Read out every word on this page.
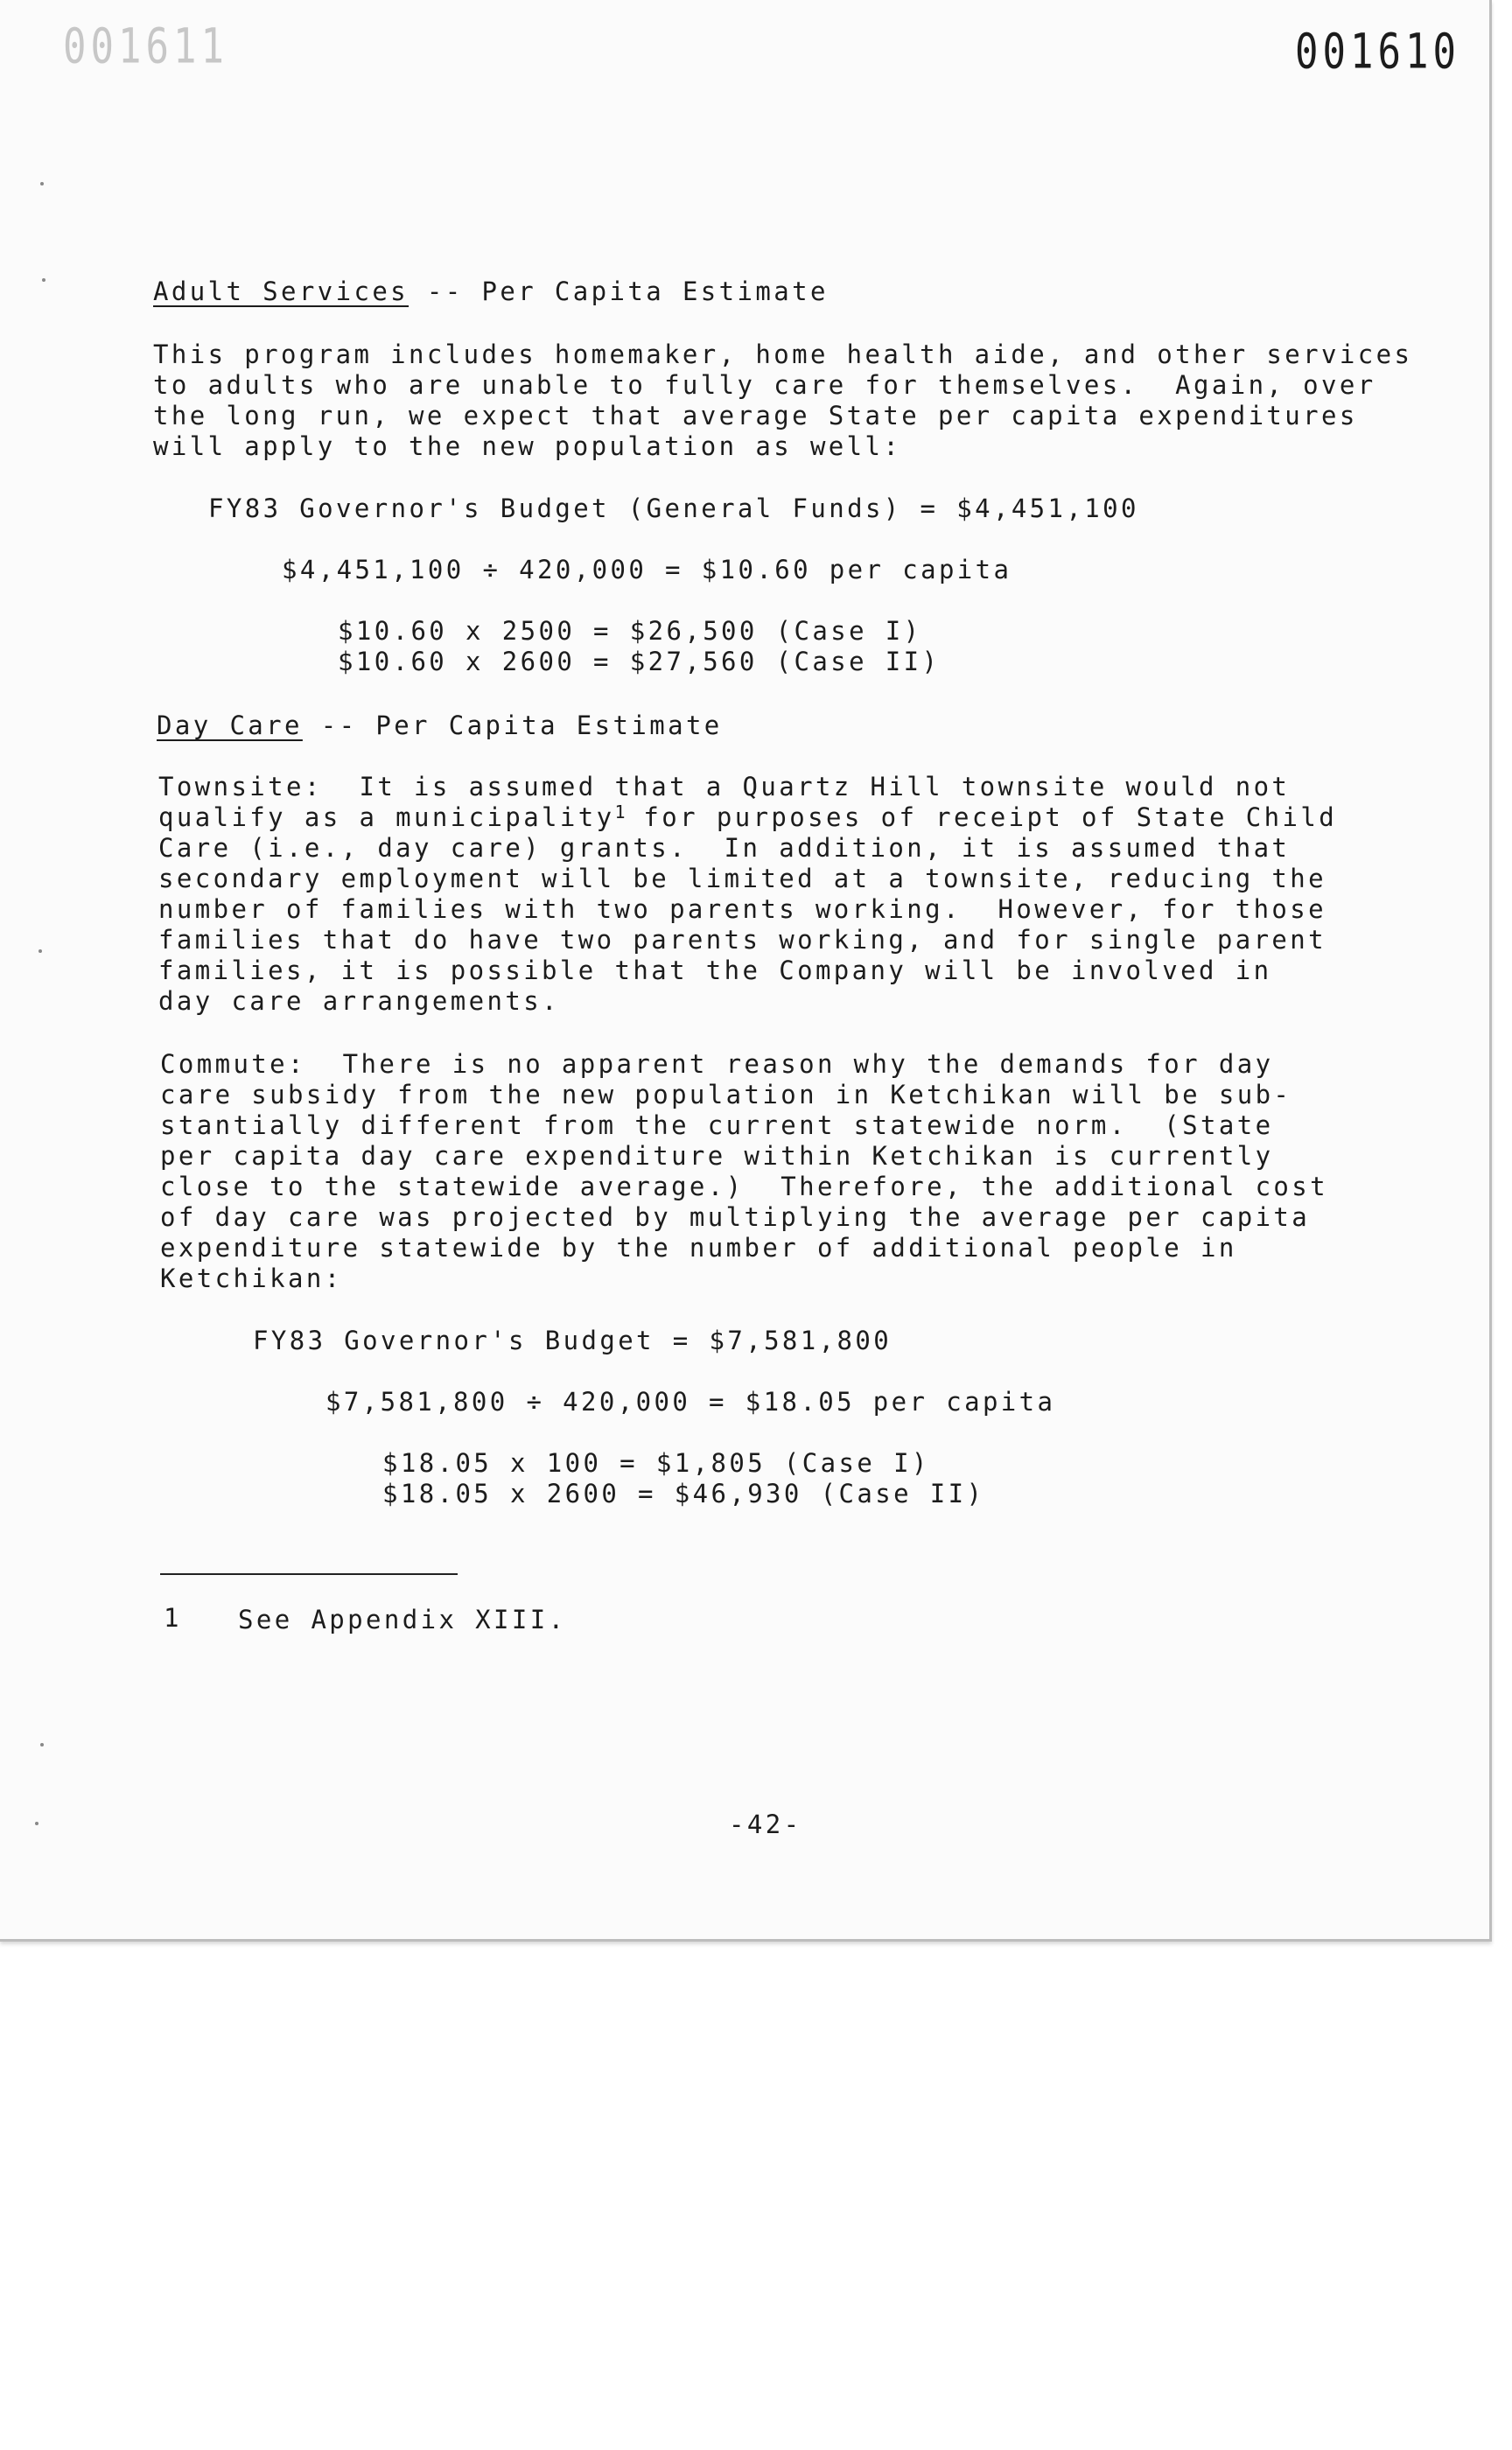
001611	001610
Adult Services -- Per Capita Estimate
This program includes homemaker, home health aide, and other services
to adults who are unable to fully care for themselves.  Again, over
the long run, we expect that average State per capita expenditures
will apply to the new population as well:
FY83 Governor's Budget (General Funds) = $4,451,100
$4,451,100 ÷ 420,000 = $10.60 per capita
$10.60 x 2500 = $26,500 (Case I)
$10.60 x 2600 = $27,560 (Case II)
Day Care -- Per Capita Estimate
Townsite:  It is assumed that a Quartz Hill townsite would not
qualify as a municipality$^1$ for purposes of receipt of State Child
Care (i.e., day care) grants.  In addition, it is assumed that
secondary employment will be limited at a townsite, reducing the
number of families with two parents working.  However, for those
families that do have two parents working, and for single parent
families, it is possible that the Company will be involved in
day care arrangements.
Commute:  There is no apparent reason why the demands for day
care subsidy from the new population in Ketchikan will be sub-
stantially different from the current statewide norm.  (State
per capita day care expenditure within Ketchikan is currently
close to the statewide average.)  Therefore, the additional cost
of day care was projected by multiplying the average per capita
expenditure statewide by the number of additional people in
Ketchikan:
FY83 Governor's Budget = $7,581,800
$7,581,800 ÷ 420,000 = $18.05 per capita
$18.05 x 100 = $1,805 (Case I)
$18.05 x 2600 = $46,930 (Case II)
1 See Appendix XIII.
-42-
